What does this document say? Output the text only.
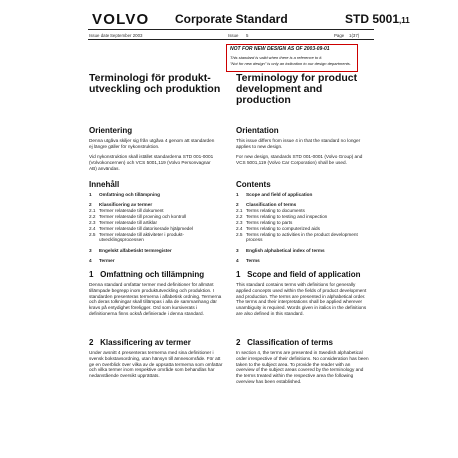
VOLVO Corporate Standard	STD 5001,11
Issue date September 2003	Issue 5	Page 1(37)
NOT FOR NEW DESIGN AS OF 2003-09-01
This standard is valid when there is a reference to it.
"Not for new design" is only an indication to our design departments.
Terminologi för produkt-utveckling och produktion
Terminology for product development and production
Orientering	Orientation
Denna utgåva skiljer sig från utgåva 4 genom att standarden ej längre gäller för nykonstruktion.
This issue differs from issue 4 in that the standard no longer applies to new design.
Vid nykonstruktion skall istället standarderna STD 001-0001 (Volvokoncernen) och VCS 5001,119 (Volvo Personvagnar AB) användas.
For new design, standards STD 001-0001 (Volvo Group) and VCS 5001,119 (Volvo Car Corporation) shall be used.
Innehåll	Contents
1 Omfattning och tillämpning
2 Klassificering av termer
2.1 Termer relaterade till dokument
2.2 Termer relaterade till provning och kontroll
2.3 Termer relaterade till artiklar
2.4 Termer relaterade till datoriserade hjälpmedel
2.5 Termer relaterade till aktiviteter i produkt-utvecklingsprocessen
3 Engelskt alfabetiskt termregister
4 Termer
1 Scope and field of application
2 Classification of terms
2.1 Terms relating to documents
2.2 Terms relating to testing and inspection
2.3 Terms relating to parts
2.4 Terms relating to computerized aids
2.5 Terms relating to activities in the product development process
3 English alphabetical index of terms
4 Terms
1   Omfattning och tillämpning	1   Scope and field of application
Denna standard omfattar termer med definitioner för allmänt tillämpade begrepp inom produktutveckling och produktion. I standarden presenteras termerna i alfabetisk ordning. Termerna och deras tolkningar skall tillämpas i alla de sammanhang där kravs på entydighet föreligger. Ord som kursiverats i definitionerna finns också definierade i denna standard.
This standard contains terms with definitions for generally applied concepts used within the fields of product development and production. The terms are presented in alphabetical order. The terms and their interpretations shall be applied wherever unambiguity is required. Words given in italics in the definitions are also defined in this standard.
2   Klassificering av termer	2   Classification of terms
Under avsnitt 4 presenteras termerna med sina definitioner i svensk bokstavsordning, utan hänsyn till ämnesområde. För att ge en överblick över vilka av de uppsatta termerna som omfattar och vilka termer inom respektive område som behandlas har nedanstående översikt upprättats.
In section 4, the terms are presented in Swedish alphabetical order irrespective of their definitions. No consideration has been taken to the subject area. To provide the reader with an overview of the subject areas covered by the terminology and the terms treated within the respective area the following overview has been established.
